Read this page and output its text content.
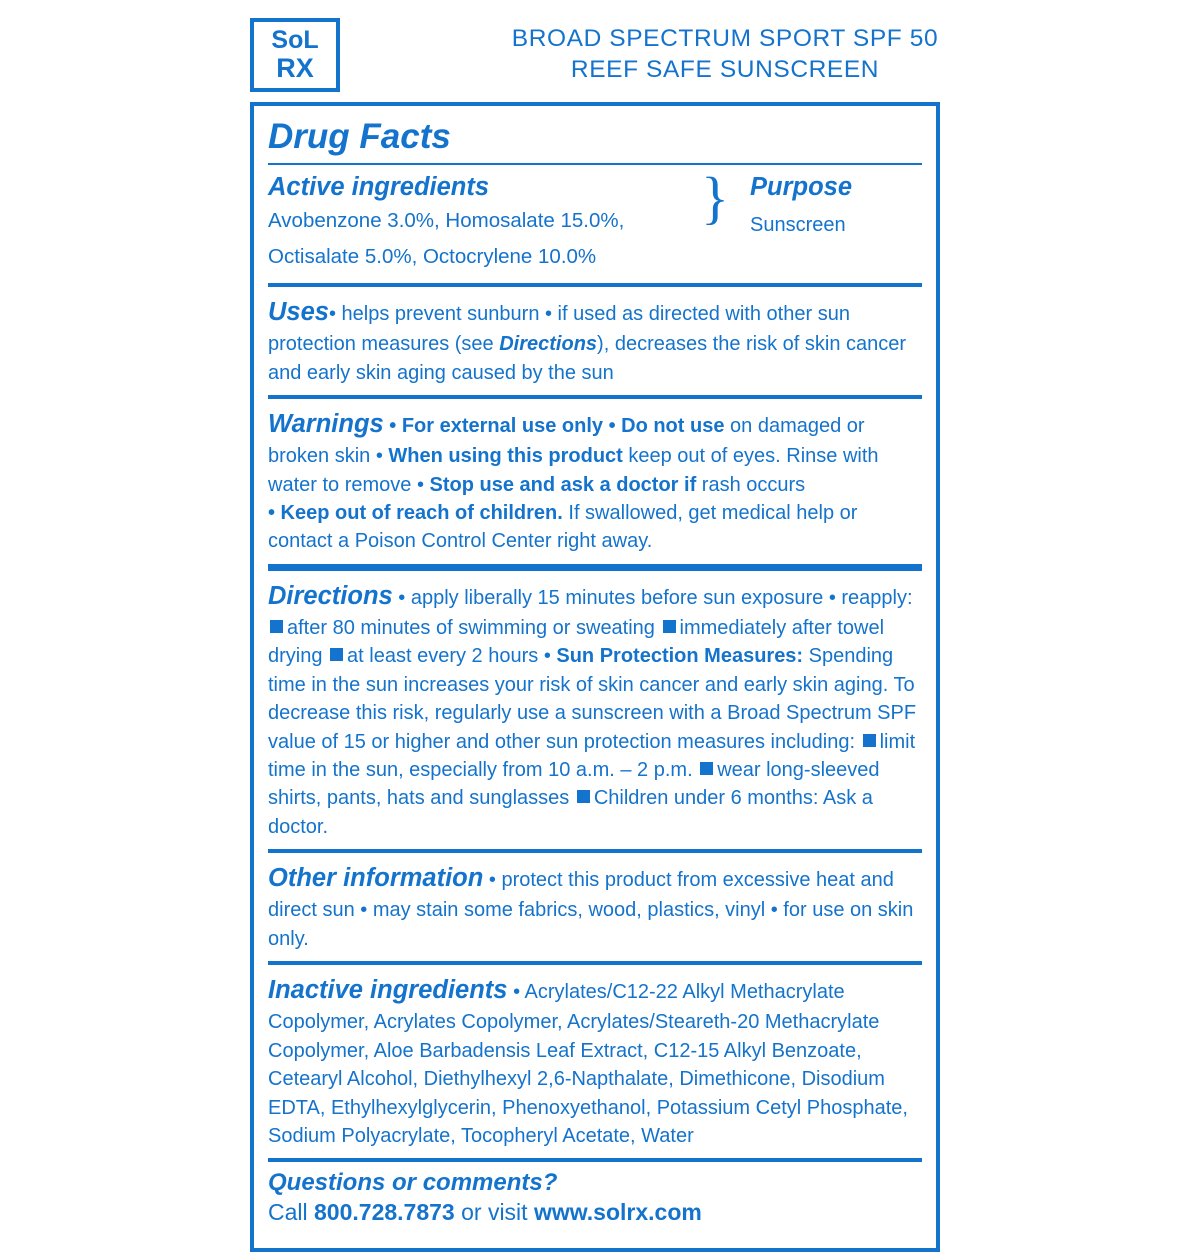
SoL
RX
BROAD SPECTRUM SPORT SPF 50
REEF SAFE SUNSCREEN
Drug Facts
Active ingredients
Avobenzone 3.0%, Homosalate 15.0%,
Octisalate 5.0%, Octocrylene 10.0%
} Purpose
Sunscreen
Uses• helps prevent sunburn • if used as directed with other sun protection measures (see Directions), decreases the risk of skin cancer and early skin aging caused by the sun
Warnings • For external use only • Do not use on damaged or broken skin • When using this product keep out of eyes. Rinse with water to remove • Stop use and ask a doctor if rash occurs
• Keep out of reach of children. If swallowed, get medical help or contact a Poison Control Center right away.
Directions • apply liberally 15 minutes before sun exposure • reapply:
after 80 minutes of swimming or sweating immediately after towel drying at least every 2 hours • Sun Protection Measures: Spending time in the sun increases your risk of skin cancer and early skin aging. To decrease this risk, regularly use a sunscreen with a Broad Spectrum SPF value of 15 or higher and other sun protection measures including: limit time in the sun, especially from 10 a.m. – 2 p.m. wear long-sleeved shirts, pants, hats and sunglasses Children under 6 months: Ask a doctor.
Other information • protect this product from excessive heat and direct sun • may stain some fabrics, wood, plastics, vinyl • for use on skin only.
Inactive ingredients • Acrylates/C12-22 Alkyl Methacrylate Copolymer, Acrylates Copolymer, Acrylates/Steareth-20 Methacrylate Copolymer, Aloe Barbadensis Leaf Extract, C12-15 Alkyl Benzoate, Cetearyl Alcohol, Diethylhexyl 2,6-Napthalate, Dimethicone, Disodium EDTA, Ethylhexylglycerin, Phenoxyethanol, Potassium Cetyl Phosphate, Sodium Polyacrylate, Tocopheryl Acetate, Water
Questions or comments?
Call 800.728.7873 or visit www.solrx.com
